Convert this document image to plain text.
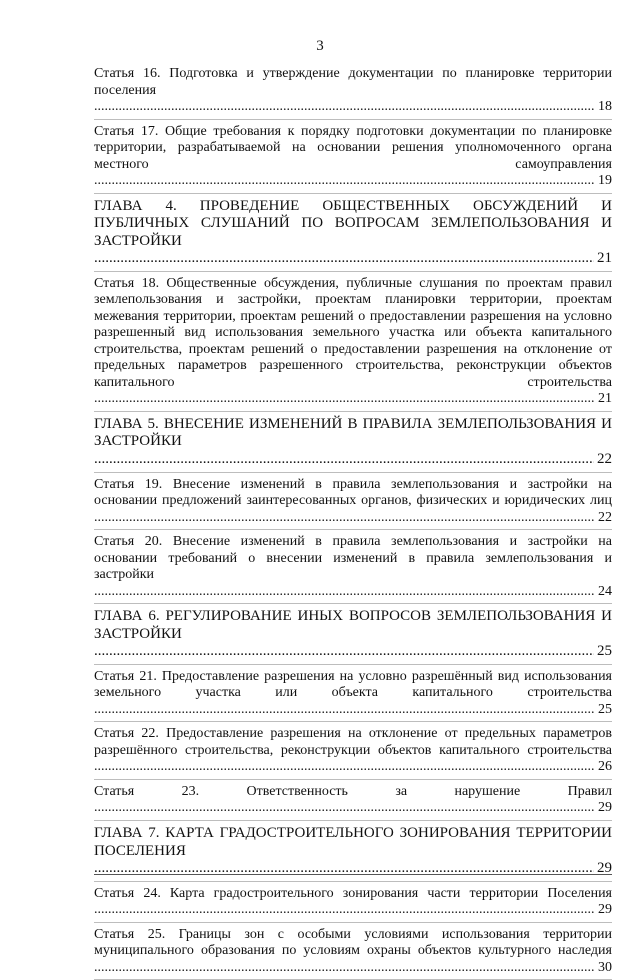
3
Статья 16. Подготовка и утверждение документации по планировке территории поселения .....
18
Статья 17. Общие требования к порядку подготовки документации по планировке территории, разрабатываемой на основании решения уполномоченного органа местного самоуправления .....
19
ГЛАВА 4. ПРОВЕДЕНИЕ ОБЩЕСТВЕННЫХ ОБСУЖДЕНИЙ И ПУБЛИЧНЫХ СЛУШАНИЙ ПО ВОПРОСАМ ЗЕМЛЕПОЛЬЗОВАНИЯ И ЗАСТРОЙКИ .....
21
Статья 18. Общественные обсуждения, публичные слушания по проектам правил землепользования и застройки, проектам планировки территории, проектам межевания территории, проектам решений о предоставлении разрешения на условно разрешенный вид использования земельного участка или объекта капитального строительства, проектам решений о предоставлении разрешения на отклонение от предельных параметров разрешенного строительства, реконструкции объектов капитального строительства .....
21
ГЛАВА 5. ВНЕСЕНИЕ ИЗМЕНЕНИЙ В ПРАВИЛА ЗЕМЛЕПОЛЬЗОВАНИЯ И ЗАСТРОЙКИ .....
22
Статья 19. Внесение изменений в правила землепользования и застройки на основании предложений заинтересованных органов, физических и юридических лиц .....
22
Статья 20. Внесение изменений в правила землепользования и застройки на основании требований о внесении изменений в правила землепользования и застройки .....
24
ГЛАВА 6. РЕГУЛИРОВАНИЕ ИНЫХ ВОПРОСОВ ЗЕМЛЕПОЛЬЗОВАНИЯ И ЗАСТРОЙКИ .....
25
Статья 21. Предоставление разрешения на условно разрешённый вид использования земельного участка или объекта капитального строительства .....
25
Статья 22. Предоставление разрешения на отклонение от предельных параметров разрешённого строительства, реконструкции объектов капитального строительства .....
26
Статья 23. Ответственность за нарушение Правил .....
29
ГЛАВА 7. КАРТА ГРАДОСТРОИТЕЛЬНОГО ЗОНИРОВАНИЯ ТЕРРИТОРИИ ПОСЕЛЕНИЯ .....
29
Статья 24. Карта градостроительного зонирования части территории Поселения .....
29
Статья 25. Границы зон с особыми условиями использования территории муниципального образования по условиям охраны объектов культурного наследия .....
30
